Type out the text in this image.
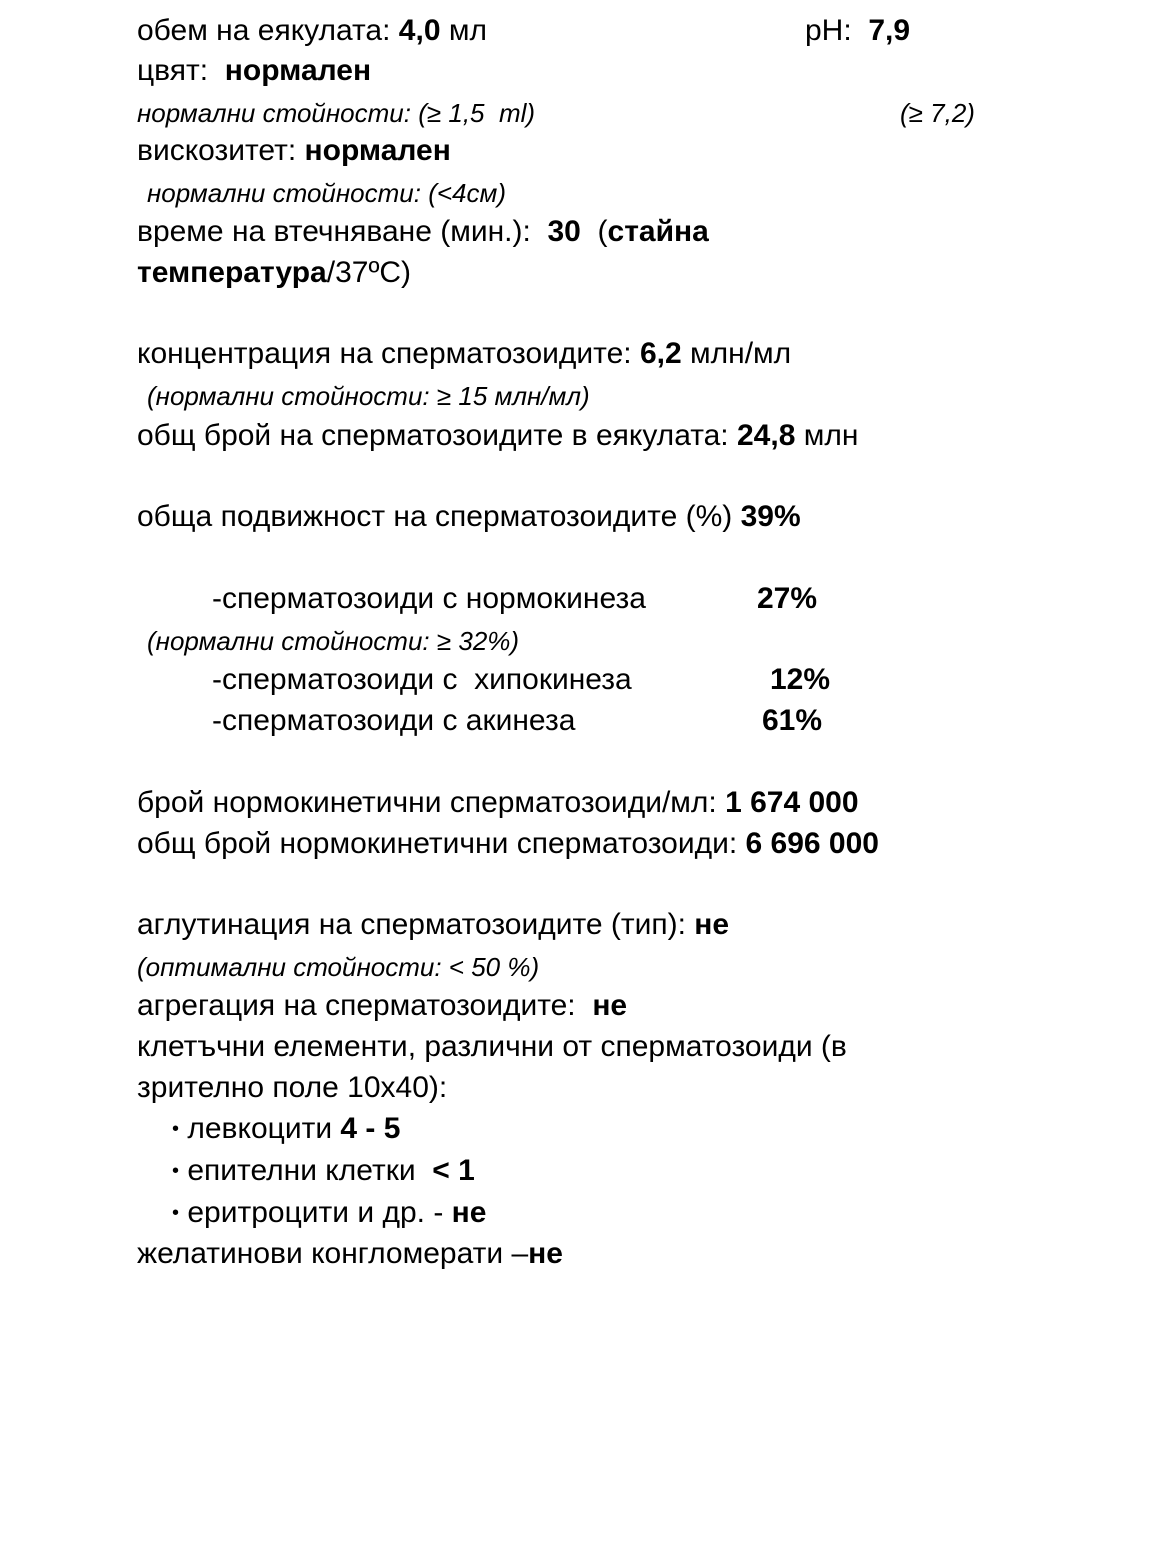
обем на еякулата: 4,0 мл	pH:  7,9
цвят:  нормален
нормални стойности: (≥ 1,5  ml)	(≥ 7,2)
вискозитет: нормален
нормални стойности: (<4см)
време на втечняване (мин.):  30  (стайна
температура/37ºC)
концентрация на сперматозоидите: 6,2 млн/мл
(нормални стойности: ≥ 15 млн/мл)
общ брой на сперматозоидите в еякулата: 24,8 млн
обща подвижност на сперматозоидите (%) 39%
-сперматозоиди с нормокинеза	27%
(нормални стойности: ≥ 32%)
-сперматозоиди с  хипокинеза	12%
-сперматозоиди с акинеза	61%
брой нормокинетични сперматозоиди/мл: 1 674 000
общ брой нормокинетични сперматозоиди: 6 696 000
аглутинация на сперматозоидите (тип): не
(оптимални стойности: < 50 %)
агрегация на сперматозоидите:  не
клетъчни елементи, различни от сперматозоиди (в
зрително поле 10х40):
• левкоцити 4 - 5
• епителни клетки  < 1
• еритроцити и др. - не
желатинови конгломерати –не
